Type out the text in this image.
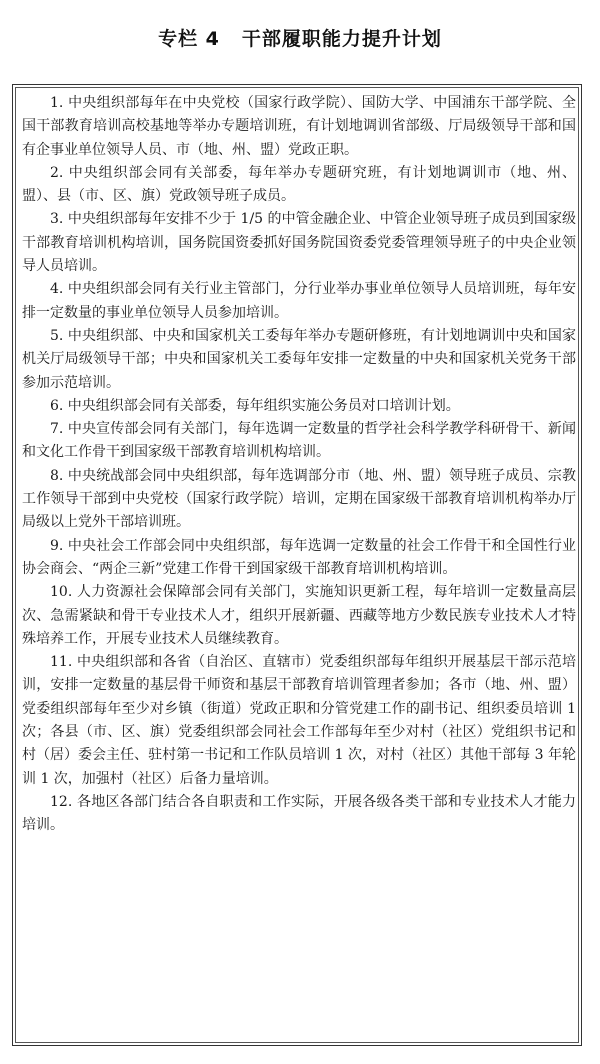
专栏 4 干部履职能力提升计划

1. 中央组织部每年在中央党校（国家行政学院）、国防大学、中国浦东干部学院、全国干部教育培训高校基地等举办专题培训班，有计划地调训省部级、厅局级领导干部和国有企事业单位领导人员、市（地、州、盟）党政正职。

2. 中央组织部会同有关部委，每年举办专题研究班，有计划地调训市（地、州、盟）、县（市、区、旗）党政领导班子成员。

3. 中央组织部每年安排不少于 1/5 的中管金融企业、中管企业领导班子成员到国家级干部教育培训机构培训，国务院国资委抓好国务院国资委党委管理领导班子的中央企业领导人员培训。

4. 中央组织部会同有关行业主管部门，分行业举办事业单位领导人员培训班，每年安排一定数量的事业单位领导人员参加培训。

5. 中央组织部、中央和国家机关工委每年举办专题研修班，有计划地调训中央和国家机关厅局级领导干部；中央和国家机关工委每年安排一定数量的中央和国家机关党务干部参加示范培训。

6. 中央组织部会同有关部委，每年组织实施公务员对口培训计划。

7. 中央宣传部会同有关部门，每年选调一定数量的哲学社会科学教学科研骨干、新闻和文化工作骨干到国家级干部教育培训机构培训。

8. 中央统战部会同中央组织部，每年选调部分市（地、州、盟）领导班子成员、宗教工作领导干部到中央党校（国家行政学院）培训，定期在国家级干部教育培训机构举办厅局级以上党外干部培训班。

9. 中央社会工作部会同中央组织部，每年选调一定数量的社会工作骨干和全国性行业协会商会、“两企三新”党建工作骨干到国家级干部教育培训机构培训。

10. 人力资源社会保障部会同有关部门，实施知识更新工程，每年培训一定数量高层次、急需紧缺和骨干专业技术人才，组织开展新疆、西藏等地方少数民族专业技术人才特殊培养工作，开展专业技术人员继续教育。

11. 中央组织部和各省（自治区、直辖市）党委组织部每年组织开展基层干部示范培训，安排一定数量的基层骨干师资和基层干部教育培训管理者参加；各市（地、州、盟）党委组织部每年至少对乡镇（街道）党政正职和分管党建工作的副书记、组织委员培训 1 次；各县（市、区、旗）党委组织部会同社会工作部每年至少对村（社区）党组织书记和村（居）委会主任、驻村第一书记和工作队员培训 1 次，对村（社区）其他干部每 3 年轮训 1 次，加强村（社区）后备力量培训。

12. 各地区各部门结合各自职责和工作实际，开展各级各类干部和专业技术人才能力培训。
